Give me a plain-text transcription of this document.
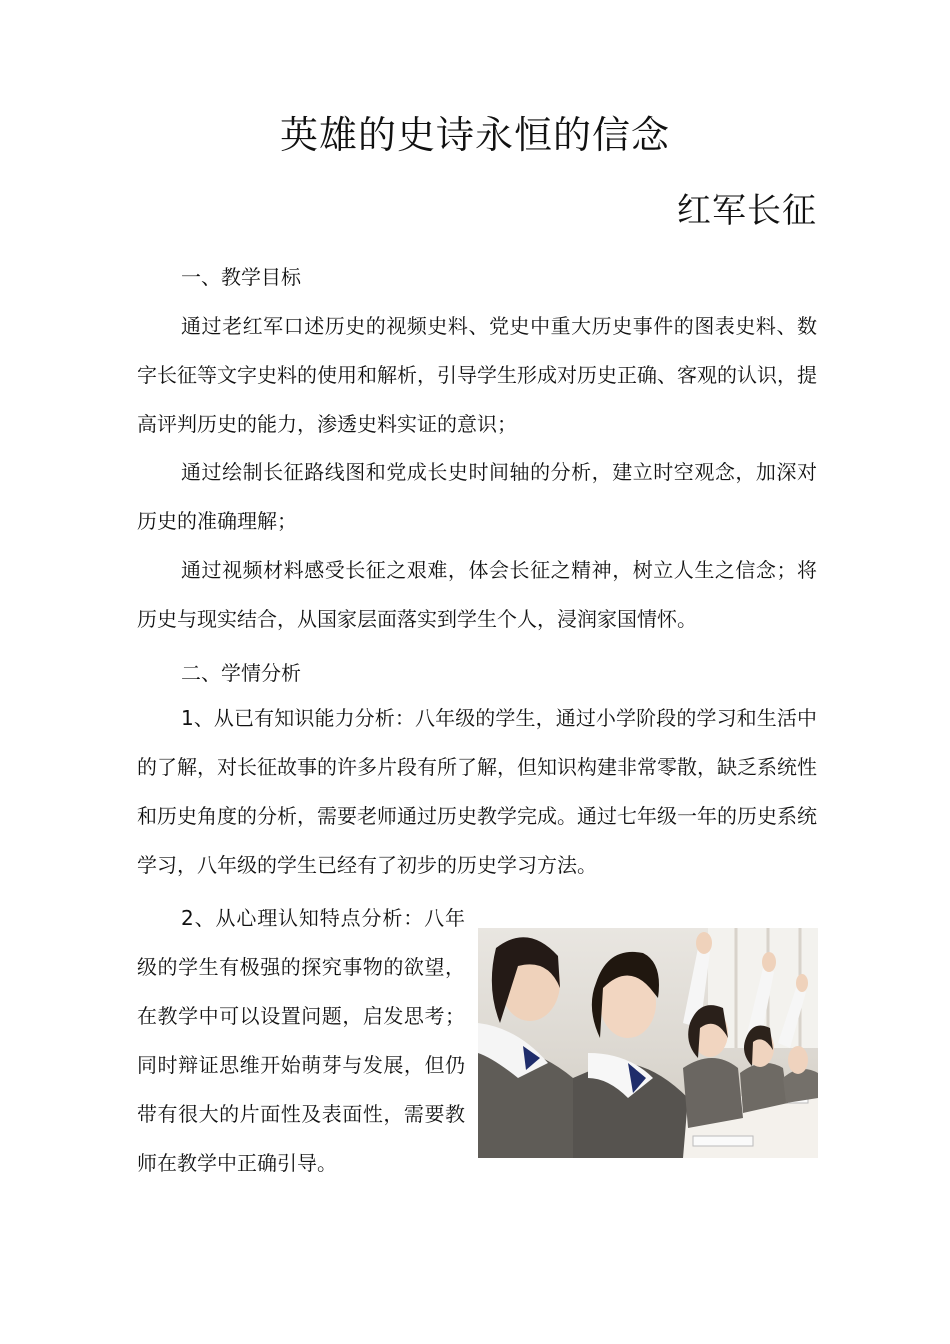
英雄的史诗永恒的信念
红军长征
一、教学目标

通过老红军口述历史的视频史料、党史中重大历史事件的图表史料、数字长征等文字史料的使用和解析，引导学生形成对历史正确、客观的认识，提高评判历史的能力，渗透史料实证的意识；

通过绘制长征路线图和党成长史时间轴的分析，建立时空观念，加深对历史的准确理解；

通过视频材料感受长征之艰难，体会长征之精神，树立人生之信念；将历史与现实结合，从国家层面落实到学生个人，浸润家国情怀。

二、学情分析

1、从已有知识能力分析：八年级的学生，通过小学阶段的学习和生活中的了解，对长征故事的许多片段有所了解，但知识构建非常零散，缺乏系统性和历史角度的分析，需要老师通过历史教学完成。通过七年级一年的历史系统学习，八年级的学生已经有了初步的历史学习方法。

2、从心理认知特点分析：八年级的学生有极强的探究事物的欲望，在教学中可以设置问题，启发思考；同时辩证思维开始萌芽与发展，但仍带有很大的片面性及表面性，需要教师在教学中正确引导。
